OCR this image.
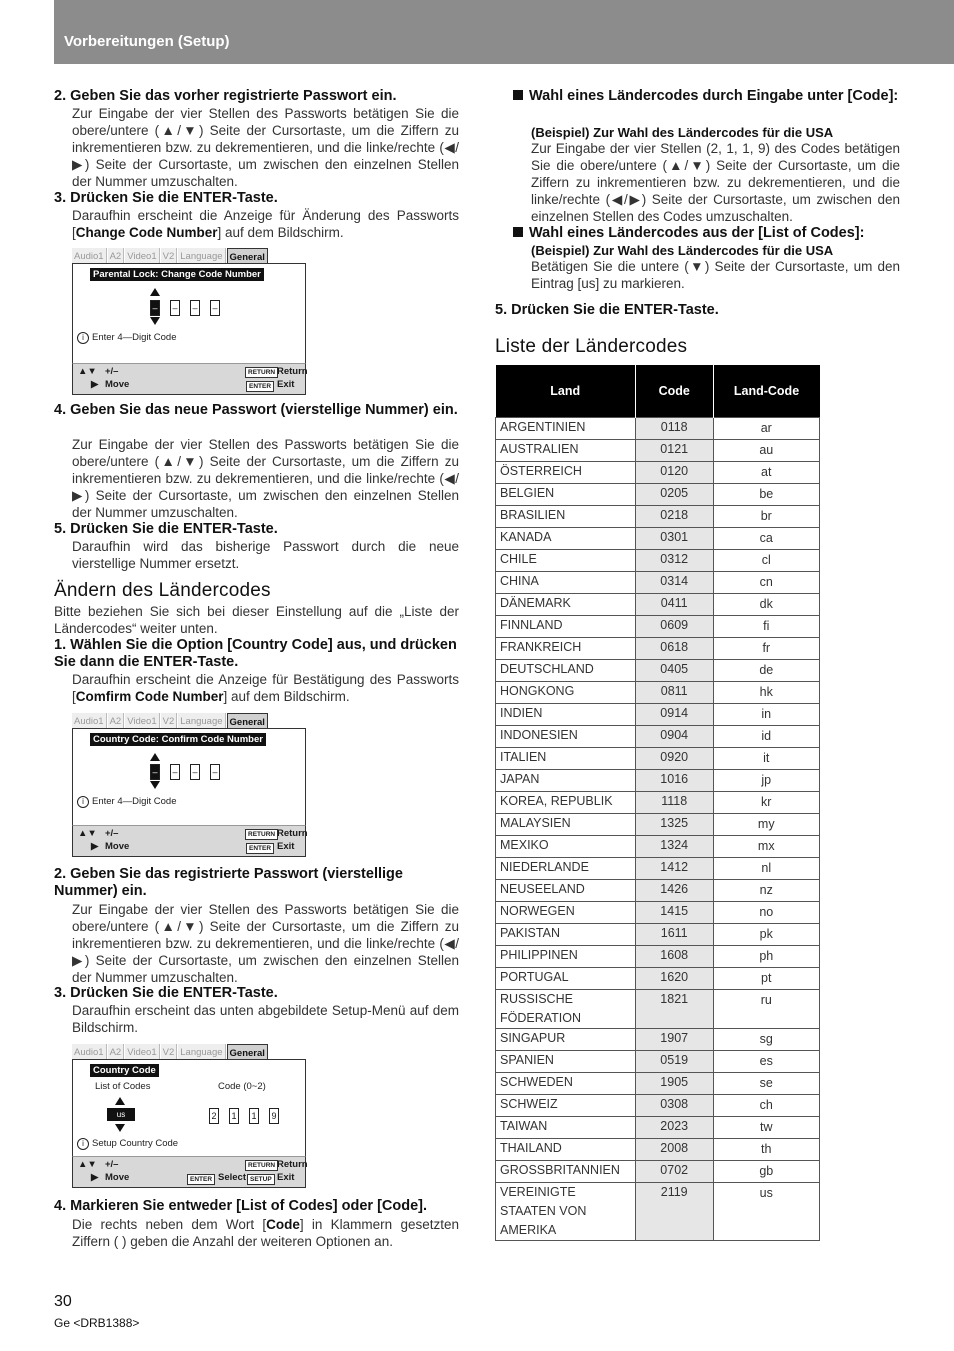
Vorbereitungen (Setup)
2. Geben Sie das vorher registrierte Passwort ein.
Zur Eingabe der vier Stellen des Passworts betätigen Sie die obere/untere (▲/▼) Seite der Cursortaste, um die Ziffern zu inkrementieren bzw. zu dekrementieren, und die linke/rechte (◀/▶) Seite der Cursortaste, um zwischen den einzelnen Stellen der Nummer umzuschalten.
3. Drücken Sie die ENTER-Taste.
Daraufhin erscheint die Anzeige für Änderung des Passworts [Change Code Number] auf dem Bildschirm.
Audio1 A2 Video1 V2 Language General
Parental Lock: Change Code Number
– – – –
i Enter 4—Digit Code
▲▼ +/–
▶ Move
RETURN Return
ENTER Exit
4. Geben Sie das neue Passwort (vierstellige Nummer) ein.
Zur Eingabe der vier Stellen des Passworts betätigen Sie die obere/untere (▲/▼) Seite der Cursortaste, um die Ziffern zu inkrementieren bzw. zu dekrementieren, und die linke/rechte (◀/▶) Seite der Cursortaste, um zwischen den einzelnen Stellen der Nummer umzuschalten.
5. Drücken Sie die ENTER-Taste.
Daraufhin wird das bisherige Passwort durch die neue vierstellige Nummer ersetzt.
Ändern des Ländercodes
Bitte beziehen Sie sich bei dieser Einstellung auf die „Liste der Ländercodes“ weiter unten.
1. Wählen Sie die Option [Country Code] aus, und drücken Sie dann die ENTER-Taste.
Daraufhin erscheint die Anzeige für Bestätigung des Passworts [Comfirm Code Number] auf dem Bildschirm.
Audio1 A2 Video1 V2 Language General
Country Code: Confirm Code Number
– – – –
i Enter 4—Digit Code
▲▼ +/–
▶ Move
RETURN Return
ENTER Exit
2. Geben Sie das registrierte Passwort (vierstellige Nummer) ein.
Zur Eingabe der vier Stellen des Passworts betätigen Sie die obere/untere (▲/▼) Seite der Cursortaste, um die Ziffern zu inkrementieren bzw. zu dekrementieren, und die linke/rechte (◀/▶) Seite der Cursortaste, um zwischen den einzelnen Stellen der Nummer umzuschalten.
3. Drücken Sie die ENTER-Taste.
Daraufhin erscheint das unten abgebildete Setup-Menü auf dem Bildschirm.
Audio1 A2 Video1 V2 Language General
Country Code
List of Codes	Code (0~2)
us	2 1 1 9
i Setup Country Code
▲▼ +/–
▶ Move	ENTER Select
RETURN Return
SETUP Exit
4. Markieren Sie entweder [List of Codes] oder [Code].
Die rechts neben dem Wort [Code] in Klammern gesetzten Ziffern ( ) geben die Anzahl der weiteren Optionen an.
Wahl eines Ländercodes durch Eingabe unter [Code]:
(Beispiel) Zur Wahl des Ländercodes für die USA
Zur Eingabe der vier Stellen (2, 1, 1, 9) des Codes betätigen Sie die obere/untere (▲/▼) Seite der Cursortaste, um die Ziffern zu inkrementieren bzw. zu dekrementieren, und die linke/rechte (◀/▶) Seite der Cursortaste, um zwischen den einzelnen Stellen des Codes umzuschalten.
Wahl eines Ländercodes aus der [List of Codes]:
(Beispiel) Zur Wahl des Ländercodes für die USA
Betätigen Sie die untere (▼) Seite der Cursortaste, um den Eintrag [us] zu markieren.
5. Drücken Sie die ENTER-Taste.
Liste der Ländercodes
Land	Code	Land-Code
ARGENTINIEN	0118	ar
AUSTRALIEN	0121	au
ÖSTERREICH	0120	at
BELGIEN	0205	be
BRASILIEN	0218	br
KANADA	0301	ca
CHILE	0312	cl
CHINA	0314	cn
DÄNEMARK	0411	dk
FINNLAND	0609	fi
FRANKREICH	0618	fr
DEUTSCHLAND	0405	de
HONGKONG	0811	hk
INDIEN	0914	in
INDONESIEN	0904	id
ITALIEN	0920	it
JAPAN	1016	jp
KOREA, REPUBLIK	1118	kr
MALAYSIEN	1325	my
MEXIKO	1324	mx
NIEDERLANDE	1412	nl
NEUSEELAND	1426	nz
NORWEGEN	1415	no
PAKISTAN	1611	pk
PHILIPPINEN	1608	ph
PORTUGAL	1620	pt
RUSSISCHE FÖDERATION	1821	ru
SINGAPUR	1907	sg
SPANIEN	0519	es
SCHWEDEN	1905	se
SCHWEIZ	0308	ch
TAIWAN	2023	tw
THAILAND	2008	th
GROSSBRITANNIEN	0702	gb
VEREINIGTE STAATEN VON AMERIKA	2119	us
30
Ge <DRB1388>
